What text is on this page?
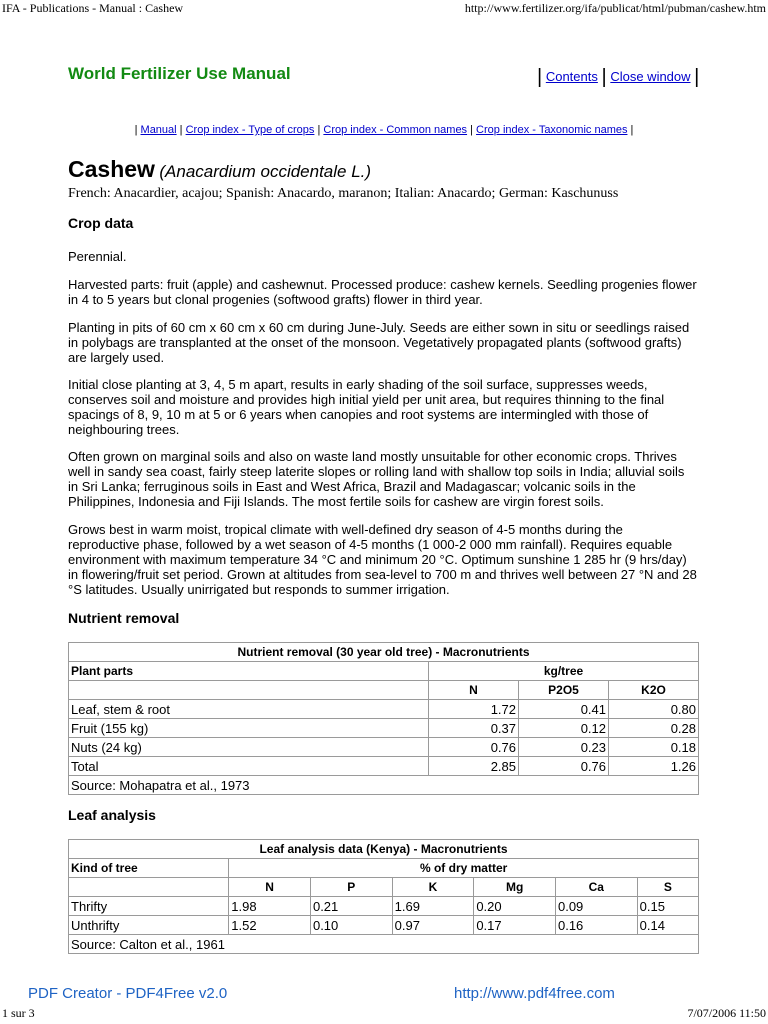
IFA - Publications - Manual : Cashew	http://www.fertilizer.org/ifa/publicat/html/pubman/cashew.htm
World Fertilizer Use Manual	| Contents | Close window |
| Manual | Crop index - Type of crops | Crop index - Common names | Crop index - Taxonomic names |
Cashew (Anacardium occidentale L.)
French: Anacardier, acajou; Spanish: Anacardo, maranon; Italian: Anacardo; German: Kaschunuss
Crop data

Perennial.

Harvested parts: fruit (apple) and cashewnut. Processed produce: cashew kernels. Seedling progenies flower in 4 to 5 years but clonal progenies (softwood grafts) flower in third year.

Planting in pits of 60 cm x 60 cm x 60 cm during June-July. Seeds are either sown in situ or seedlings raised in polybags are transplanted at the onset of the monsoon. Vegetatively propagated plants (softwood grafts) are largely used.

Initial close planting at 3, 4, 5 m apart, results in early shading of the soil surface, suppresses weeds, conserves soil and moisture and provides high initial yield per unit area, but requires thinning to the final spacings of 8, 9, 10 m at 5 or 6 years when canopies and root systems are intermingled with those of neighbouring trees.

Often grown on marginal soils and also on waste land mostly unsuitable for other economic crops. Thrives well in sandy sea coast, fairly steep laterite slopes or rolling land with shallow top soils in India; alluvial soils in Sri Lanka; ferruginous soils in East and West Africa, Brazil and Madagascar; volcanic soils in the Philippines, Indonesia and Fiji Islands. The most fertile soils for cashew are virgin forest soils.

Grows best in warm moist, tropical climate with well-defined dry season of 4-5 months during the reproductive phase, followed by a wet season of 4-5 months (1 000-2 000 mm rainfall). Requires equable environment with maximum temperature 34 °C and minimum 20 °C. Optimum sunshine 1 285 hr (9 hrs/day) in flowering/fruit set period. Grown at altitudes from sea-level to 700 m and thrives well between 27 °N and 28 °S latitudes. Usually unirrigated but responds to summer irrigation.

Nutrient removal
Nutrient removal (30 year old tree) - Macronutrients			
Plant parts	kg/tree		
	N	P2O5	K2O
Leaf, stem & root	1.72	0.41	0.80
Fruit (155 kg)	0.37	0.12	0.28
Nuts (24 kg)	0.76	0.23	0.18
Total	2.85	0.76	1.26
Source: Mohapatra et al., 1973			
Leaf analysis
Leaf analysis data (Kenya) - Macronutrients						
Kind of tree	% of dry matter					
	N	P	K	Mg	Ca	S
Thrifty	1.98	0.21	1.69	0.20	0.09	0.15
Unthrifty	1.52	0.10	0.97	0.17	0.16	0.14
Source: Calton et al., 1961						
PDF Creator - PDF4Free v2.0	http://www.pdf4free.com
1 sur 3	7/07/2006 11:50
